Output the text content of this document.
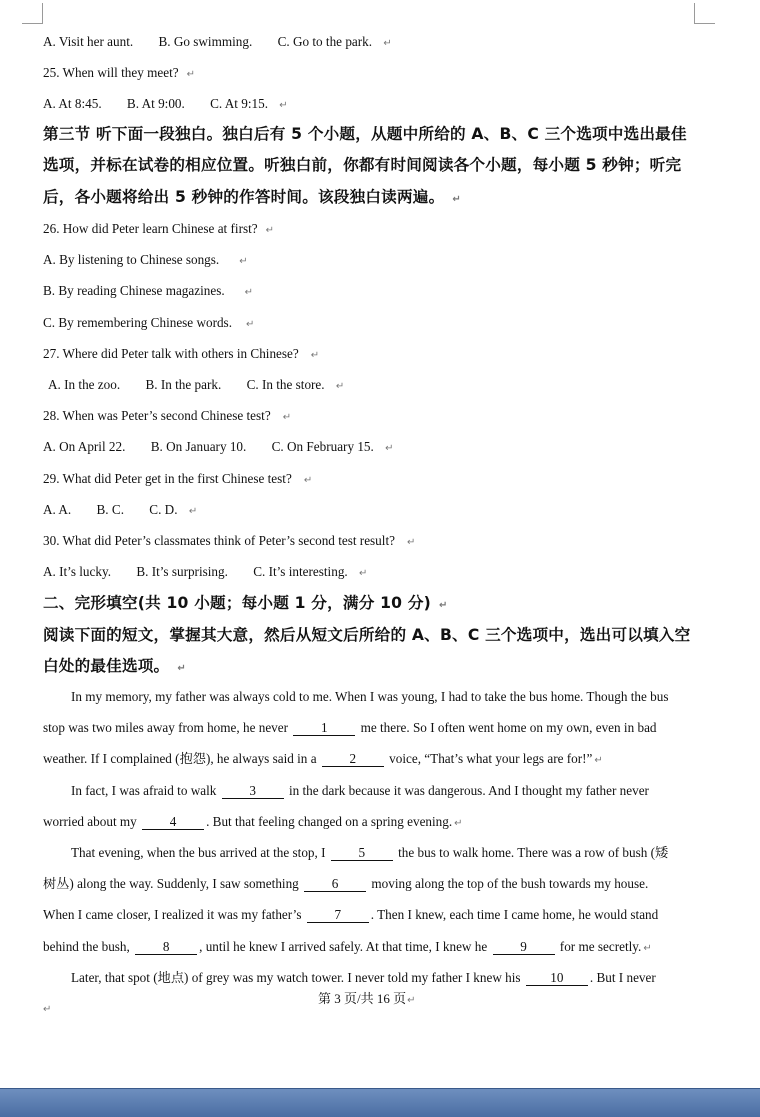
A. Visit her aunt. B. Go swimming. C. Go to the park. ↵
25. When will they meet? ↵
A. At 8:45. B. At 9:00. C. At 9:15. ↵
第三节 听下面一段独白。独白后有 5 个小题，从题中所给的 A、B、C 三个选项中选出最佳
选项，并标在试卷的相应位置。听独白前，你都有时间阅读各个小题，每小题 5 秒钟；听完
后，各小题将给出 5 秒钟的作答时间。该段独白读两遍。 ↵
26. How did Peter learn Chinese at first? ↵
A. By listening to Chinese songs. ↵
B. By reading Chinese magazines. ↵
C. By remembering Chinese words. ↵
27. Where did Peter talk with others in Chinese? ↵
A. In the zoo. B. In the park. C. In the store. ↵
28. When was Peter’s second Chinese test? ↵
A. On April 22. B. On January 10. C. On February 15. ↵
29. What did Peter get in the first Chinese test? ↵
A. A. B. C. C. D. ↵
30. What did Peter’s classmates think of Peter’s second test result? ↵
A. It’s lucky. B. It’s surprising. C. It’s interesting. ↵
二、完形填空(共 10 小题；每小题 1 分，满分 10 分) ↵
阅读下面的短文，掌握其大意，然后从短文后所给的 A、B、C 三个选项中，选出可以填入空
白处的最佳选项。 ↵
In my memory, my father was always cold to me. When I was young, I had to take the bus home. Though the bus
stop was two miles away from home, he never 1 me there. So I often went home on my own, even in bad
weather. If I complained (抱怨), he always said in a 2 voice, “That’s what your legs are for!” ↵
In fact, I was afraid to walk 3 in the dark because it was dangerous. And I thought my father never
worried about my 4 . But that feeling changed on a spring evening. ↵
That evening, when the bus arrived at the stop, I 5 the bus to walk home. There was a row of bush (矮
树丛) along the way. Suddenly, I saw something 6 moving along the top of the bush towards my house.
When I came closer, I realized it was my father’s 7 . Then I knew, each time I came home, he would stand
behind the bush, 8 , until he knew I arrived safely. At that time, I knew he 9 for me secretly. ↵
Later, that spot (地点) of grey was my watch tower. I never told my father I knew his 10 . But I never
第 3 页/共 16 页↵
↵
